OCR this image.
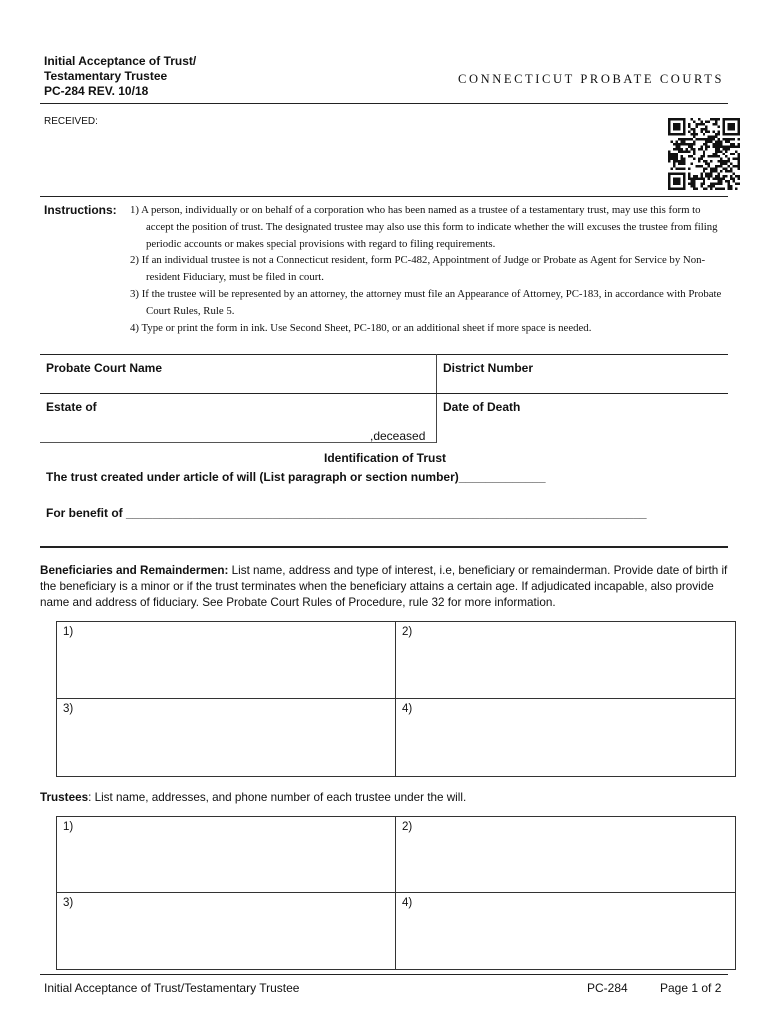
Initial Acceptance of Trust/
Testamentary Trustee
PC-284 REV. 10/18
CONNECTICUT PROBATE COURTS
RECEIVED:
Instructions: 1) A person, individually or on behalf of a corporation who has been named as a trustee of a testamentary trust, may use this form to accept the position of trust. The designated trustee may also use this form to indicate whether the will excuses the trustee from filing periodic accounts or makes special provisions with regard to filing requirements.

2) If an individual trustee is not a Connecticut resident, form PC-482, Appointment of Judge or Probate as Agent for Service by Non-resident Fiduciary, must be filed in court.

3) If the trustee will be represented by an attorney, the attorney must file an Appearance of Attorney, PC-183, in accordance with Probate Court Rules, Rule 5.

4) Type or print the form in ink. Use Second Sheet, PC-180, or an additional sheet if more space is needed.

Probate Court Name	District Number
Estate of	Date of Death
,deceased
Identification of Trust
The trust created under article of will (List paragraph or section number)_____________
For benefit of ______________________________________________________________________________
Beneficiaries and Remaindermen: List name, address and type of interest, i.e, beneficiary or remainderman. Provide date of birth if the beneficiary is a minor or if the trust terminates when the beneficiary attains a certain age. If adjudicated incapable, also provide name and address of fiduciary. See Probate Court Rules of Procedure, rule 32 for more information.
1)	2)
3)	4)
Trustees: List name, addresses, and phone number of each trustee under the will.
1)	2)
3)	4)
Initial Acceptance of Trust/Testamentary Trustee	PC-284	Page 1 of 2
